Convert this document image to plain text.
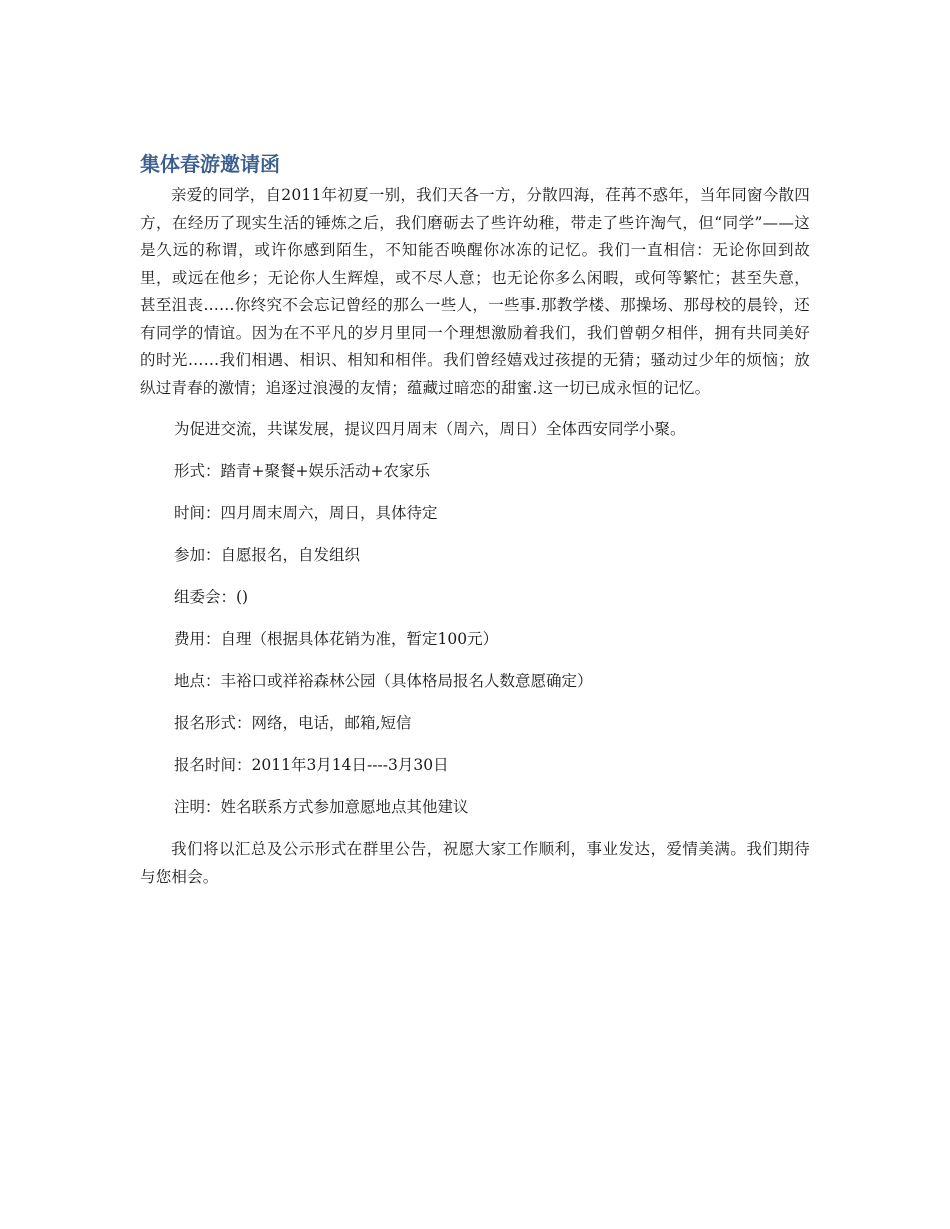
集体春游邀请函

亲爱的同学，自2011年初夏一别，我们天各一方，分散四海，荏苒不惑年，当年同窗今散四方，在经历了现实生活的锤炼之后，我们磨砺去了些许幼稚，带走了些许淘气，但“同学”——这是久远的称谓，或许你感到陌生，不知能否唤醒你冰冻的记忆。我们一直相信：无论你回到故里，或远在他乡；无论你人生辉煌，或不尽人意；也无论你多么闲暇，或何等繁忙；甚至失意，甚至沮丧……你终究不会忘记曾经的那么一些人，一些事.那教学楼、那操场、那母校的晨铃，还有同学的情谊。因为在不平凡的岁月里同一个理想激励着我们，我们曾朝夕相伴，拥有共同美好的时光……我们相遇、相识、相知和相伴。我们曾经嬉戏过孩提的无猜；骚动过少年的烦恼；放纵过青春的激情；追逐过浪漫的友情；蕴藏过暗恋的甜蜜.这一切已成永恒的记忆。

为促进交流，共谋发展，提议四月周末（周六，周日）全体西安同学小聚。

形式：踏青+聚餐+娱乐活动+农家乐

时间：四月周末周六，周日，具体待定

参加：自愿报名，自发组织

组委会：()

费用：自理（根据具体花销为准，暂定100元）

地点：丰裕口或祥裕森林公园（具体格局报名人数意愿确定）

报名形式：网络，电话，邮箱,短信

报名时间：2011年3月14日----3月30日

注明：姓名联系方式参加意愿地点其他建议

我们将以汇总及公示形式在群里公告，祝愿大家工作顺利，事业发达，爱情美满。我们期待与您相会。
